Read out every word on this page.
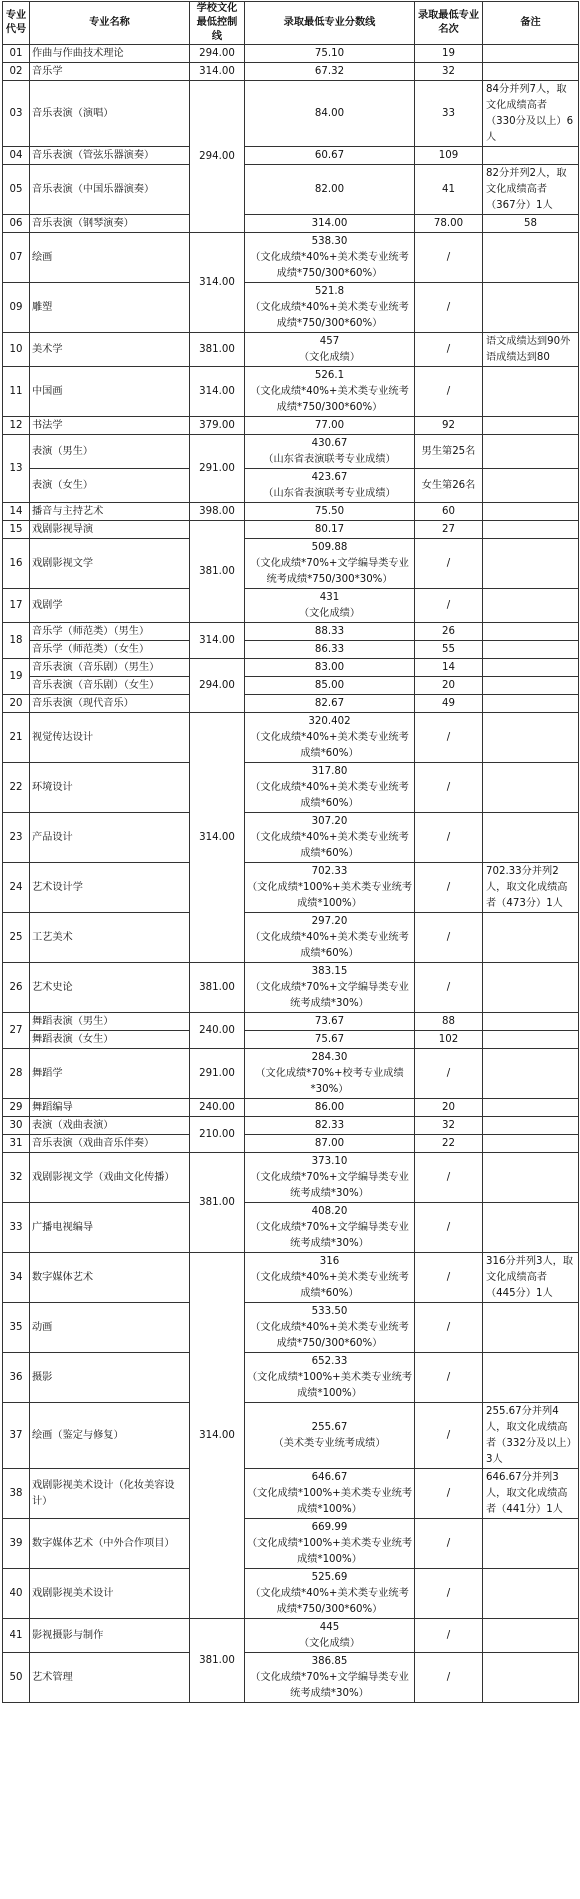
专业代号	专业名称	学校文化最低控制线	录取最低专业分数线	录取最低专业名次	备注	
01	作曲与作曲技术理论	294.00	75.10	19		
02	音乐学	314.00	67.32	32		
03	音乐表演（演唱）	294.00	84.00	33	84分并列7人，取文化成绩高者（330分及以上）6人	
04	音乐表演（管弦乐器演奏）		60.67	109		
05	音乐表演（中国乐器演奏）		82.00	41	82分并列2人，取文化成绩高者（367分）1人	
06	音乐表演（钢琴演奏）		314.00	78.00	58	
07	绘画	314.00	538.30
（文化成绩*40%+美术类专业统考成绩*750/300*60%）	/		
09	雕塑		521.8
（文化成绩*40%+美术类专业统考成绩*750/300*60%）	/		
10	美术学	381.00	457
（文化成绩）	/	语文成绩达到90外语成绩达到80	
11	中国画	314.00	526.1
（文化成绩*40%+美术类专业统考成绩*750/300*60%）	/		
12	书法学	379.00	77.00	92		
13	表演（男生）	291.00	430.67
（山东省表演联考专业成绩）	男生第25名		
	表演（女生）		423.67
（山东省表演联考专业成绩）	女生第26名		
14	播音与主持艺术	398.00	75.50	60		
15	戏剧影视导演	381.00	80.17	27		
16	戏剧影视文学		509.88
（文化成绩*70%+文学编导类专业统考成绩*750/300*30%）	/		
17	戏剧学		431
（文化成绩）	/		
18	音乐学（师范类）（男生）	314.00	88.33	26		
	音乐学（师范类）（女生）		86.33	55		
19	音乐表演（音乐剧）（男生）	294.00	83.00	14		
	音乐表演（音乐剧）（女生）		85.00	20		
20	音乐表演（现代音乐）		82.67	49		
21	视觉传达设计	314.00	320.402
（文化成绩*40%+美术类专业统考成绩*60%）	/		
22	环境设计		317.80
（文化成绩*40%+美术类专业统考成绩*60%）	/		
23	产品设计		307.20
（文化成绩*40%+美术类专业统考成绩*60%）	/		
24	艺术设计学		702.33
（文化成绩*100%+美术类专业统考成绩*100%）	/	702.33分并列2人，取文化成绩高者（473分）1人	
25	工艺美术		297.20
（文化成绩*40%+美术类专业统考成绩*60%）	/		
26	艺术史论	381.00	383.15
（文化成绩*70%+文学编导类专业统考成绩*30%）	/		
27	舞蹈表演（男生）	240.00	73.67	88		
	舞蹈表演（女生）		75.67	102		
28	舞蹈学	291.00	284.30
（文化成绩*70%+校考专业成绩*30%）	/		
29	舞蹈编导	240.00	86.00	20		
30	表演（戏曲表演）	210.00	82.33	32		
31	音乐表演（戏曲音乐伴奏）		87.00	22		
32	戏剧影视文学（戏曲文化传播）	381.00	373.10
（文化成绩*70%+文学编导类专业统考成绩*30%）	/		
33	广播电视编导		408.20
（文化成绩*70%+文学编导类专业统考成绩*30%）	/		
34	数字媒体艺术	314.00	316
（文化成绩*40%+美术类专业统考成绩*60%）	/	316分并列3人，取文化成绩高者（445分）1人	
35	动画		533.50
（文化成绩*40%+美术类专业统考成绩*750/300*60%）	/		
36	摄影		652.33
（文化成绩*100%+美术类专业统考成绩*100%）	/		
37	绘画（鉴定与修复）		255.67
（美术类专业统考成绩）	/	255.67分并列4人，取文化成绩高者（332分及以上）3人	
38	戏剧影视美术设计（化妆美容设计）		646.67
（文化成绩*100%+美术类专业统考成绩*100%）	/	646.67分并列3人，取文化成绩高者（441分）1人	
39	数字媒体艺术（中外合作项目）		669.99
（文化成绩*100%+美术类专业统考成绩*100%）	/		
40	戏剧影视美术设计		525.69
（文化成绩*40%+美术类专业统考成绩*750/300*60%）	/		
41	影视摄影与制作	381.00	445
（文化成绩）	/		
50	艺术管理		386.85
（文化成绩*70%+文学编导类专业统考成绩*30%）	/		
